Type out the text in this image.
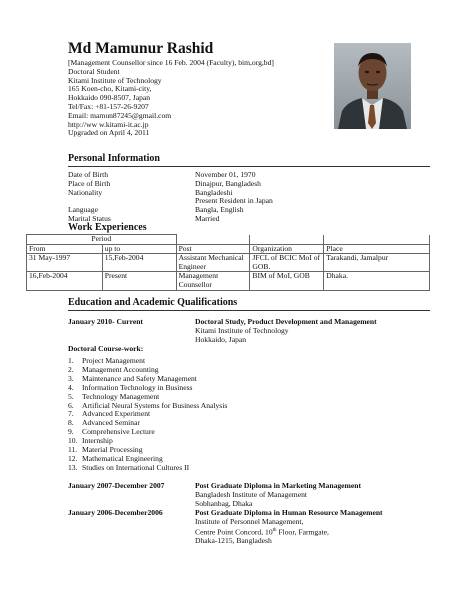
Md Mamunur Rashid
[Management Counsellor since 16 Feb. 2004 (Faculty), bim,org,bd]
Doctoral Student
Kitami Institute of Technology
165 Koen-cho, Kitami-city,
Hokkaido 090-8507, Japan
Tel/Fax: +81-157-26-9207
Email: mamun87245@gmail.com
http://ww w.kitami-it.ac.jp
Upgraded on April 4, 2011
Personal Information
Date of Birth	November 01, 1970
Place of Birth	Dinajpur, Bangladesh
Nationality	Bangladeshi
Present Resident in Japan
Language	Bangla, English
Marital Status	Married
Work Experiences
Period				
From	up to	Post	Organization	Place
31 May-1997	15,Feb-2004	Assistant Mechanical Engineer	JFCL of BCIC MoI of GOB.	Tarakandi, Jamalpur
16,Feb-2004	Present	Management Counsellor	BIM of MoI, GOB	Dhaka.
Education and Academic Qualifications
January 2010- Current	Doctoral Study, Product Development and Management
Kitami Institute of Technology
Hokkaido, Japan
Doctoral Course-work:
1. Project Management
2. Management Accounting
3. Maintenance and Safety Management
4. Information Technology in Business
5. Technology Management
6. Artificial Neural Systems for Business Analysis
7. Advanced Experiment
8. Advanced Seminar
9. Comprehensive Lecture
10. Internship
11. Material Processing
12. Mathematical Engineering
13. Studies on International Cultures II
January 2007-December 2007	Post Graduate Diploma in Marketing Management
Bangladesh Institute of Management
Sobhanbag, Dhaka
January 2006-December2006	Post Graduate Diploma in Human Resource Management
Institute of Personnel Management,
Centre Point Concord, 10th Floor, Farmgate,
Dhaka-1215, Bangladesh
